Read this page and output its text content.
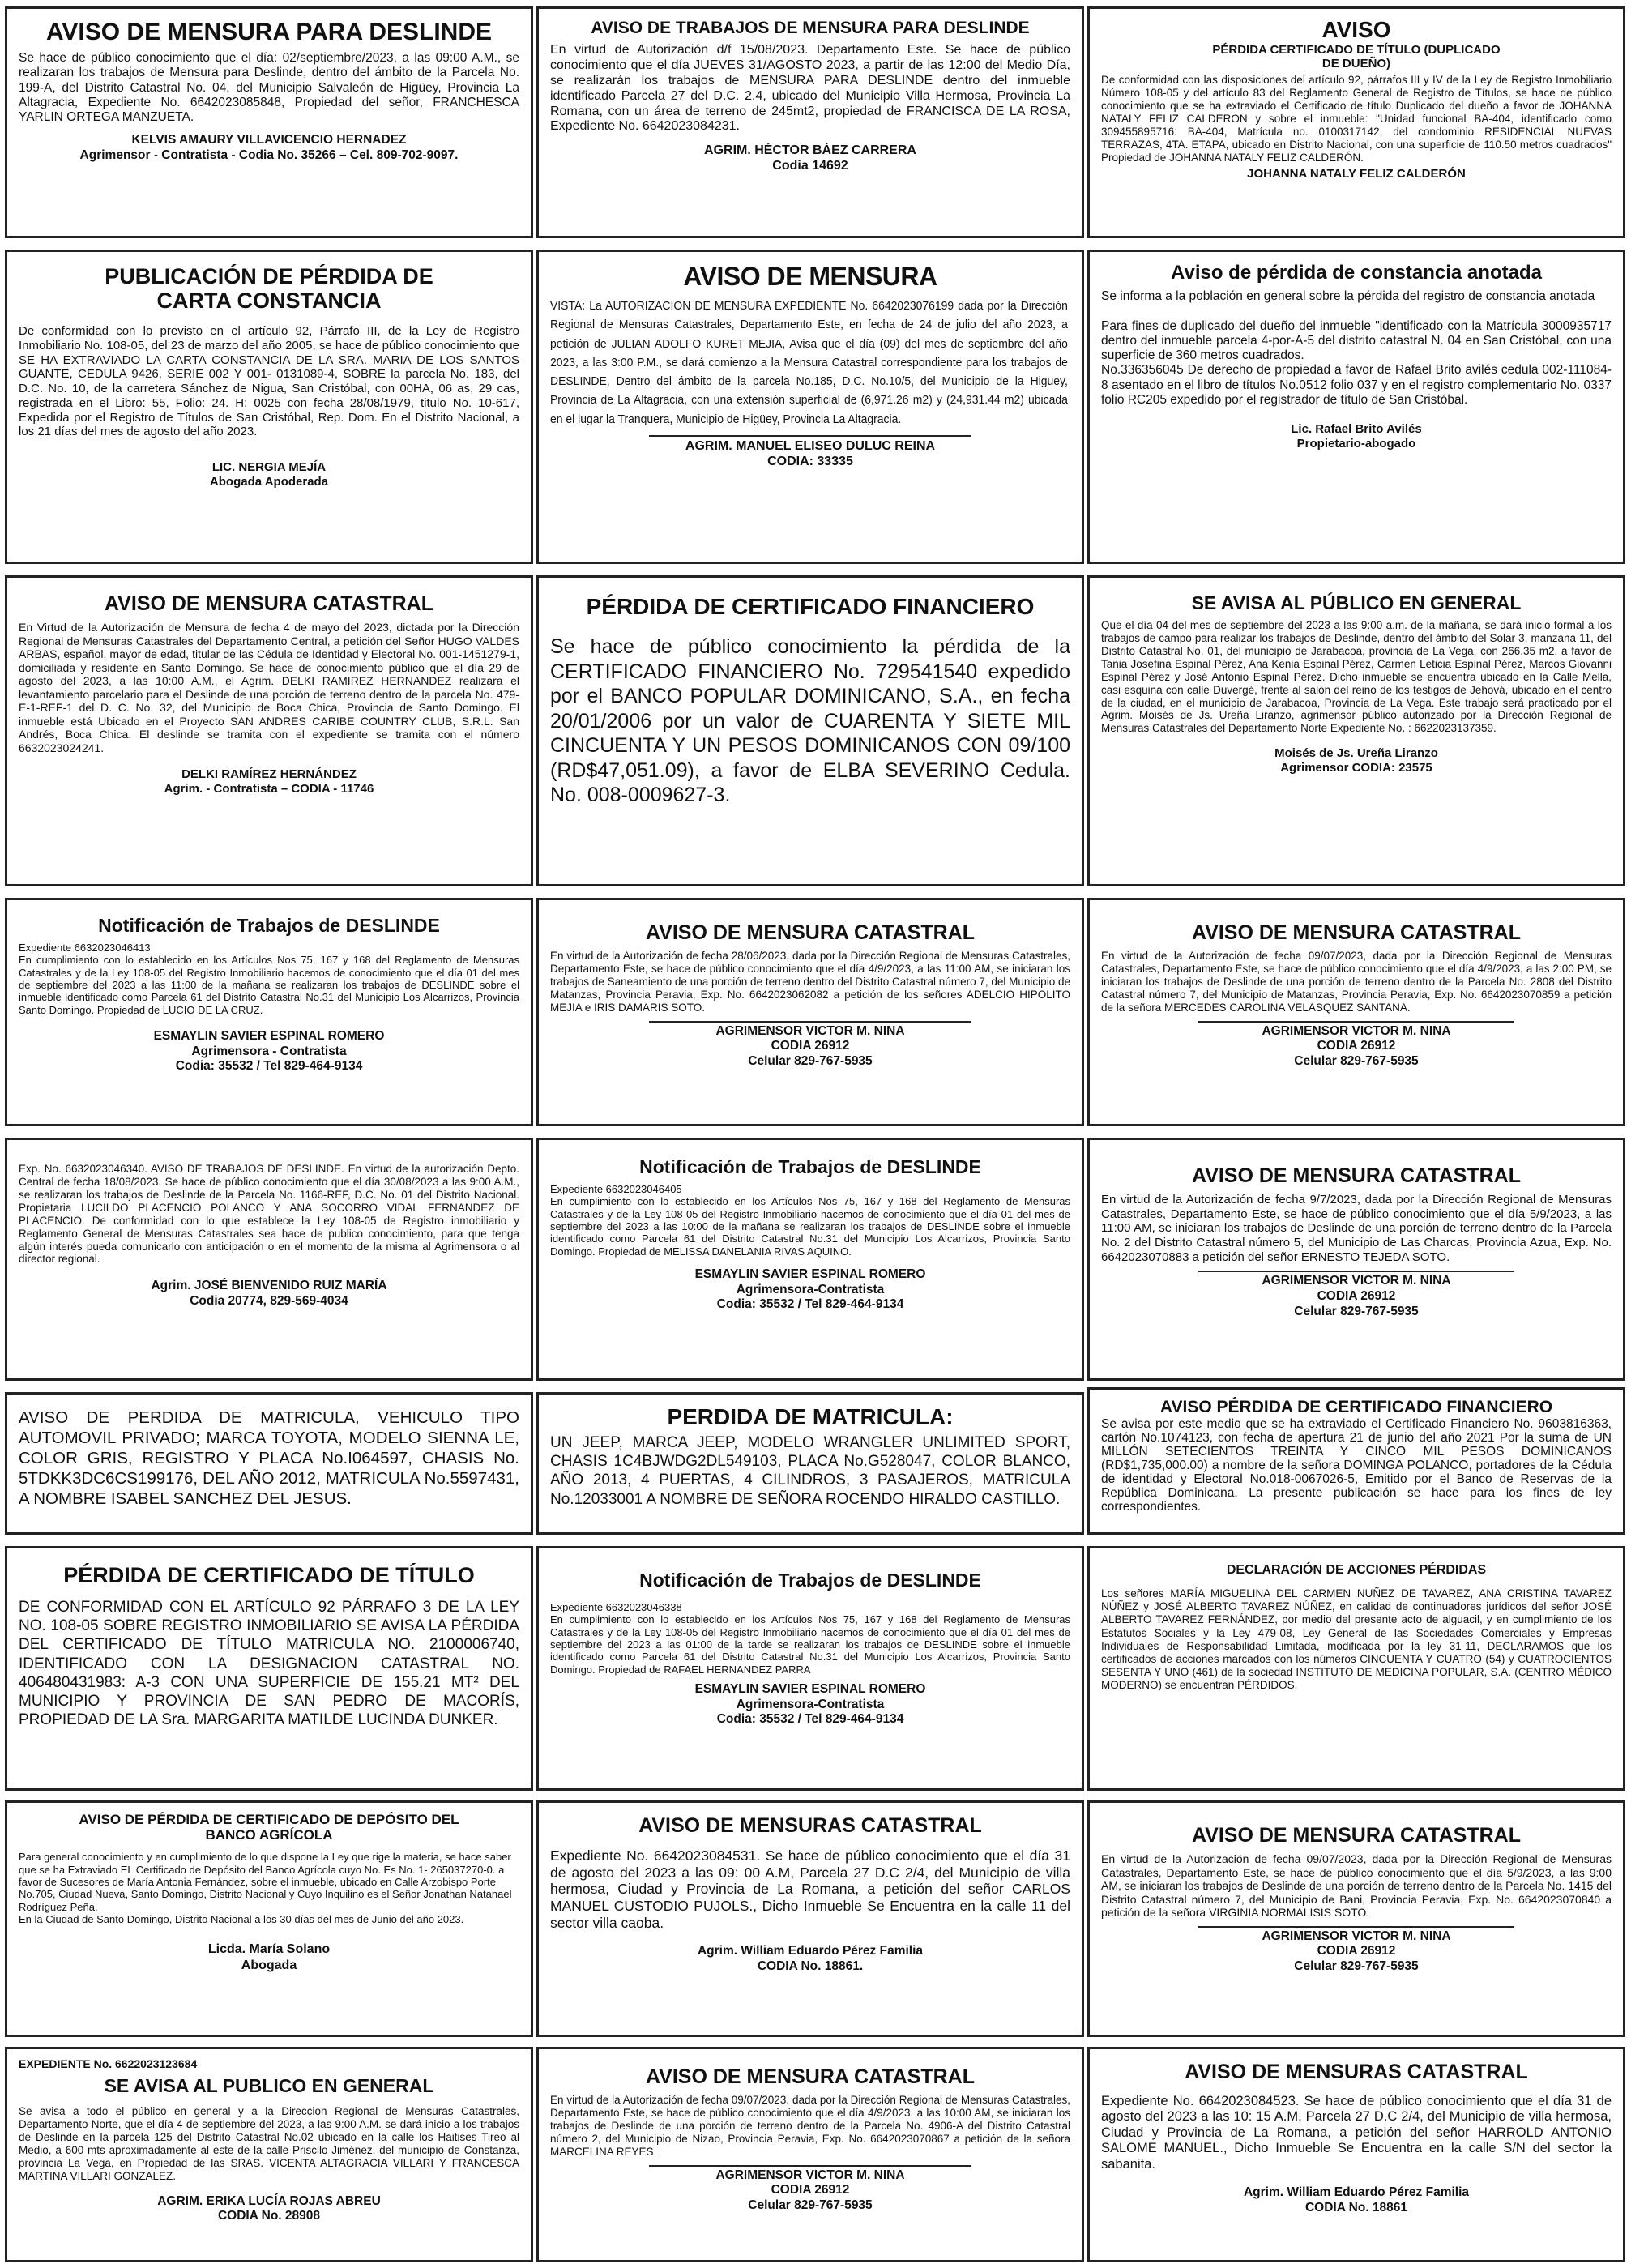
AVISO DE MENSURA PARA DESLINDE

Se hace de público conocimiento que el día: 02/septiembre/2023, a las 09:00 A.M., se realizaran los trabajos de Mensura para Deslinde, dentro del ámbito de la Parcela No. 199-A, del Distrito Catastral No. 04, del Municipio Salvaleón de Higüey, Provincia La Altagracia, Expediente No. 6642023085848, Propiedad del señor, FRANCHESCA YARLIN ORTEGA MANZUETA.

KELVIS AMAURY VILLAVICENCIO HERNADEZ
Agrimensor - Contratista - Codia No. 35266 – Cel. 809-702-9097.
AVISO DE TRABAJOS DE MENSURA PARA DESLINDE

En virtud de Autorización d/f 15/08/2023. Departamento Este. Se hace de público conocimiento que el día JUEVES 31/AGOSTO 2023, a partir de las 12:00 del Medio Día, se realizarán los trabajos de MENSURA PARA DESLINDE dentro del inmueble identificado Parcela 27 del D.C. 2.4, ubicado del Municipio Villa Hermosa, Provincia La Romana, con un área de terreno de 245mt2, propiedad de FRANCISCA DE LA ROSA, Expediente No. 6642023084231.

AGRIM. HÉCTOR BÁEZ CARRERA
Codia 14692
AVISO
PÉRDIDA CERTIFICADO DE TÍTULO (DUPLICADO DE DUEÑO)

De conformidad con las disposiciones del artículo 92, párrafos III y IV de la Ley de Registro Inmobiliario Número 108-05 y del artículo 83 del Reglamento General de Registro de Títulos, se hace de público conocimiento que se ha extraviado el Certificado de título Duplicado del dueño a favor de JOHANNA NATALY FELIZ CALDERON y sobre el inmueble: "Unidad funcional BA-404, identificado como 309455895716: BA-404, Matrícula no. 0100317142, del condominio RESIDENCIAL NUEVAS TERRAZAS, 4TA. ETAPA, ubicado en Distrito Nacional, con una superficie de 110.50 metros cuadrados" Propiedad de JOHANNA NATALY FELIZ CALDERÓN.

JOHANNA NATALY FELIZ CALDERÓN
PUBLICACIÓN DE PÉRDIDA DE CARTA CONSTANCIA

De conformidad con lo previsto en el artículo 92, Párrafo III, de la Ley de Registro Inmobiliario No. 108-05, del 23 de marzo del año 2005, se hace de público conocimiento que SE HA EXTRAVIADO LA CARTA CONSTANCIA DE LA SRA. MARIA DE LOS SANTOS GUANTE, CEDULA 9426, SERIE 002 Y 001- 0131089-4, SOBRE la parcela No. 183, del D.C. No. 10, de la carretera Sánchez de Nigua, San Cristóbal, con 00HA, 06 as, 29 cas, registrada en el Libro: 55, Folio: 24. H: 0025 con fecha 28/08/1979, titulo No. 10-617, Expedida por el Registro de Títulos de San Cristóbal, Rep. Dom. En el Distrito Nacional, a los 21 días del mes de agosto del año 2023.

LIC. NERGIA MEJÍA
Abogada Apoderada
AVISO DE MENSURA

VISTA: La AUTORIZACION DE MENSURA EXPEDIENTE No. 6642023076199 dada por la Dirección Regional de Mensuras Catastrales, Departamento Este, en fecha de 24 de julio del año 2023, a petición de JULIAN ADOLFO KURET MEJIA, Avisa que el día (09) del mes de septiembre del año 2023, a las 3:00 P.M., se dará comienzo a la Mensura Catastral correspondiente para los trabajos de DESLINDE, Dentro del ámbito de la parcela No.185, D.C. No.10/5, del Municipio de la Higuey, Provincia de La Altagracia, con una extensión superficial de (6,971.26 m2) y (24,931.44 m2) ubicada en el lugar la Tranquera, Municipio de Higüey, Provincia La Altagracia.

AGRIM. MANUEL ELISEO DULUC REINA
CODIA: 33335
Aviso de pérdida de constancia anotada

Se informa a la población en general sobre la pérdida del registro de constancia anotada

Para fines de duplicado del dueño del inmueble "identificado con la Matrícula 3000935717 dentro del inmueble parcela 4-por-A-5 del distrito catastral N. 04 en San Cristóbal, con una superficie de 360 metros cuadrados.
No.336356045 De derecho de propiedad a favor de Rafael Brito avilés cedula 002-111084-8 asentado en el libro de títulos No.0512 folio 037 y en el registro complementario No. 0337 folio RC205 expedido por el registrador de título de San Cristóbal.

Lic. Rafael Brito Avilés
Propietario-abogado
AVISO DE MENSURA CATASTRAL

En Virtud de la Autorización de Mensura de fecha 4 de mayo del 2023, dictada por la Dirección Regional de Mensuras Catastrales del Departamento Central, a petición del Señor HUGO VALDES ARBAS, español, mayor de edad, titular de las Cédula de Identidad y Electoral No. 001-1451279-1, domiciliada y residente en Santo Domingo. Se hace de conocimiento público que el día 29 de agosto del 2023, a las 10:00 A.M., el Agrim. DELKI RAMIREZ HERNANDEZ realizara el levantamiento parcelario para el Deslinde de una porción de terreno dentro de la parcela No. 479-E-1-REF-1 del D. C. No. 32, del Municipio de Boca Chica, Provincia de Santo Domingo. El inmueble está Ubicado en el Proyecto SAN ANDRES CARIBE COUNTRY CLUB, S.R.L. San Andrés, Boca Chica. El deslinde se tramita con el expediente se tramita con el número 6632023024241.

DELKI RAMÍREZ HERNÁNDEZ
Agrim. - Contratista – CODIA - 11746
PÉRDIDA DE CERTIFICADO FINANCIERO

Se hace de público conocimiento la pérdida de la CERTIFICADO FINANCIERO No. 729541540 expedido por el BANCO POPULAR DOMINICANO, S.A., en fecha 20/01/2006 por un valor de CUARENTA Y SIETE MIL CINCUENTA Y UN PESOS DOMINICANOS CON 09/100 (RD$47,051.09), a favor de ELBA SEVERINO Cedula. No. 008-0009627-3.

SE AVISA AL PÚBLICO EN GENERAL

Que el día 04 del mes de septiembre del 2023 a las 9:00 a.m. de la mañana, se dará inicio formal a los trabajos de campo para realizar los trabajos de Deslinde, dentro del ámbito del Solar 3, manzana 11, del Distrito Catastral No. 01, del municipio de Jarabacoa, provincia de La Vega, con 266.35 m2, a favor de Tania Josefina Espinal Pérez, Ana Kenia Espinal Pérez, Carmen Leticia Espinal Pérez, Marcos Giovanni Espinal Pérez y José Antonio Espinal Pérez. Dicho inmueble se encuentra ubicado en la Calle Mella, casi esquina con calle Duvergé, frente al salón del reino de los testigos de Jehová, ubicado en el centro de la ciudad, en el municipio de Jarabacoa, Provincia de La Vega. Este trabajo será practicado por el Agrim. Moisés de Js. Ureña Liranzo, agrimensor público autorizado por la Dirección Regional de Mensuras Catastrales del Departamento Norte Expediente No. : 6622023137359.

Moisés de Js. Ureña Liranzo
Agrimensor CODIA: 23575
Notificación de Trabajos de DESLINDE

Expediente 6632023046413
En cumplimiento con lo establecido en los Artículos Nos 75, 167 y 168 del Reglamento de Mensuras Catastrales y de la Ley 108-05 del Registro Inmobiliario hacemos de conocimiento que el día 01 del mes de septiembre del 2023 a las 11:00 de la mañana se realizaran los trabajos de DESLINDE sobre el inmueble identificado como Parcela 61 del Distrito Catastral No.31 del Municipio Los Alcarrizos, Provincia Santo Domingo. Propiedad de LUCIO DE LA CRUZ.

ESMAYLIN SAVIER ESPINAL ROMERO
Agrimensora - Contratista
Codia: 35532 / Tel 829-464-9134
AVISO DE MENSURA CATASTRAL

En virtud de la Autorización de fecha 28/06/2023, dada por la Dirección Regional de Mensuras Catastrales, Departamento Este, se hace de público conocimiento que el día 4/9/2023, a las 11:00 AM, se iniciaran los trabajos de Saneamiento de una porción de terreno dentro del Distrito Catastral número 7, del Municipio de Matanzas, Provincia Peravia, Exp. No. 6642023062082 a petición de los señores ADELCIO HIPOLITO MEJIA e IRIS DAMARIS SOTO.

AGRIMENSOR VICTOR M. NINA
CODIA 26912
Celular 829-767-5935
AVISO DE MENSURA CATASTRAL

En virtud de la Autorización de fecha 09/07/2023, dada por la Dirección Regional de Mensuras Catastrales, Departamento Este, se hace de público conocimiento que el día 4/9/2023, a las 2:00 PM, se iniciaran los trabajos de Deslinde de una porción de terreno dentro de la Parcela No. 2808 del Distrito Catastral número 7, del Municipio de Matanzas, Provincia Peravia, Exp. No. 6642023070859 a petición de la señora MERCEDES CAROLINA VELASQUEZ SANTANA.

AGRIMENSOR VICTOR M. NINA
CODIA 26912
Celular 829-767-5935

Exp. No. 6632023046340. AVISO DE TRABAJOS DE DESLINDE. En virtud de la autorización Depto. Central de fecha 18/08/2023. Se hace de público conocimiento que el día 30/08/2023 a las 9:00 A.M., se realizaran los trabajos de Deslinde de la Parcela No. 1166-REF, D.C. No. 01 del Distrito Nacional. Propietaria LUCILDO PLACENCIO POLANCO Y ANA SOCORRO VIDAL FERNANDEZ DE PLACENCIO. De conformidad con lo que establece la Ley 108-05 de Registro inmobiliario y Reglamento General de Mensuras Catastrales sea hace de publico conocimiento, para que tenga algún interés pueda comunicarlo con anticipación o en el momento de la misma al Agrimensora o al director regional.

Agrim. JOSÉ BIENVENIDO RUIZ MARÍA
Codia 20774, 829-569-4034
Notificación de Trabajos de DESLINDE

Expediente 6632023046405
En cumplimiento con lo establecido en los Artículos Nos 75, 167 y 168 del Reglamento de Mensuras Catastrales y de la Ley 108-05 del Registro Inmobiliario hacemos de conocimiento que el día 01 del mes de septiembre del 2023 a las 10:00 de la mañana se realizaran los trabajos de DESLINDE sobre el inmueble identificado como Parcela 61 del Distrito Catastral No.31 del Municipio Los Alcarrizos, Provincia Santo Domingo. Propiedad de MELISSA DANELANIA RIVAS AQUINO.

ESMAYLIN SAVIER ESPINAL ROMERO
Agrimensora-Contratista
Codia: 35532 / Tel 829-464-9134
AVISO DE MENSURA CATASTRAL

En virtud de la Autorización de fecha 9/7/2023, dada por la Dirección Regional de Mensuras Catastrales, Departamento Este, se hace de público conocimiento que el día 5/9/2023, a las 11:00 AM, se iniciaran los trabajos de Deslinde de una porción de terreno dentro de la Parcela No. 2 del Distrito Catastral número 5, del Municipio de Las Charcas, Provincia Azua, Exp. No. 6642023070883 a petición del señor ERNESTO TEJEDA SOTO.

AGRIMENSOR VICTOR M. NINA
CODIA 26912
Celular 829-767-5935

AVISO DE PERDIDA DE MATRICULA, VEHICULO TIPO AUTOMOVIL PRIVADO; MARCA TOYOTA, MODELO SIENNA LE, COLOR GRIS, REGISTRO Y PLACA No.I064597, CHASIS No. 5TDKK3DC6CS199176, DEL AÑO 2012, MATRICULA No.5597431, A NOMBRE ISABEL SANCHEZ DEL JESUS.

PERDIDA DE MATRICULA:

UN JEEP, MARCA JEEP, MODELO WRANGLER UNLIMITED SPORT, CHASIS 1C4BJWDG2DL549103, PLACA No.G528047, COLOR BLANCO, AÑO 2013, 4 PUERTAS, 4 CILINDROS, 3 PASAJEROS, MATRICULA No.12033001 A NOMBRE DE SEÑORA ROCENDO HIRALDO CASTILLO.

AVISO PÉRDIDA DE CERTIFICADO FINANCIERO

Se avisa por este medio que se ha extraviado el Certificado Financiero No. 9603816363, cartón No.1074123, con fecha de apertura 21 de junio del año 2021 Por la suma de UN MILLÓN SETECIENTOS TREINTA Y CINCO MIL PESOS DOMINICANOS (RD$1,735,000.00) a nombre de la señora DOMINGA POLANCO, portadores de la Cédula de identidad y Electoral No.018-0067026-5, Emitido por el Banco de Reservas de la República Dominicana. La presente publicación se hace para los fines de ley correspondientes.

PÉRDIDA DE CERTIFICADO DE TÍTULO

DE CONFORMIDAD CON EL ARTÍCULO 92 PÁRRAFO 3 DE LA LEY NO. 108-05 SOBRE REGISTRO INMOBILIARIO SE AVISA LA PÉRDIDA DEL CERTIFICADO DE TÍTULO MATRICULA NO. 2100006740, IDENTIFICADO CON LA DESIGNACION CATASTRAL NO. 406480431983: A-3 CON UNA SUPERFICIE DE 155.21 MT² DEL MUNICIPIO Y PROVINCIA DE SAN PEDRO DE MACORÍS, PROPIEDAD DE LA Sra. MARGARITA MATILDE LUCINDA DUNKER.

Notificación de Trabajos de DESLINDE

Expediente 6632023046338
En cumplimiento con lo establecido en los Artículos Nos 75, 167 y 168 del Reglamento de Mensuras Catastrales y de la Ley 108-05 del Registro Inmobiliario hacemos de conocimiento que el día 01 del mes de septiembre del 2023 a las 01:00 de la tarde se realizaran los trabajos de DESLINDE sobre el inmueble identificado como Parcela 61 del Distrito Catastral No.31 del Municipio Los Alcarrizos, Provincia Santo Domingo. Propiedad de RAFAEL HERNANDEZ PARRA

ESMAYLIN SAVIER ESPINAL ROMERO
Agrimensora-Contratista
Codia: 35532 / Tel 829-464-9134
DECLARACIÓN DE ACCIONES PÉRDIDAS

Los señores MARÍA MIGUELINA DEL CARMEN NUÑEZ DE TAVAREZ, ANA CRISTINA TAVAREZ NÚÑEZ y JOSÉ ALBERTO TAVAREZ NÚÑEZ, en calidad de continuadores jurídicos del señor JOSÉ ALBERTO TAVAREZ FERNÁNDEZ, por medio del presente acto de alguacil, y en cumplimiento de los Estatutos Sociales y la Ley 479-08, Ley General de las Sociedades Comerciales y Empresas Individuales de Responsabilidad Limitada, modificada por la ley 31-11, DECLARAMOS que los certificados de acciones marcados con los números CINCUENTA Y CUATRO (54) y CUATROCIENTOS SESENTA Y UNO (461) de la sociedad INSTITUTO DE MEDICINA POPULAR, S.A. (CENTRO MÉDICO MODERNO) se encuentran PÉRDIDOS.

AVISO DE PÉRDIDA DE CERTIFICADO DE DEPÓSITO DEL BANCO AGRÍCOLA

Para general conocimiento y en cumplimiento de lo que dispone la Ley que rige la materia, se hace saber que se ha Extraviado EL Certificado de Depósito del Banco Agrícola cuyo No. Es No. 1- 265037270-0. a favor de Sucesores de María Antonia Fernández, sobre el inmueble, ubicado en Calle Arzobispo Porte No.705, Ciudad Nueva, Santo Domingo, Distrito Nacional y Cuyo Inquilino es el Señor Jonathan Natanael Rodríguez Peña.
En la Ciudad de Santo Domingo, Distrito Nacional a los 30 días del mes de Junio del año 2023.

Licda. María Solano
Abogada
AVISO DE MENSURAS CATASTRAL

Expediente No. 6642023084531. Se hace de público conocimiento que el día 31 de agosto del 2023 a las 09: 00 A.M, Parcela 27 D.C 2/4, del Municipio de villa hermosa, Ciudad y Provincia de La Romana, a petición del señor CARLOS MANUEL CUSTODIO PUJOLS., Dicho Inmueble Se Encuentra en la calle 11 del sector villa caoba.

Agrim. William Eduardo Pérez Familia
CODIA No. 18861.
AVISO DE MENSURA CATASTRAL

En virtud de la Autorización de fecha 09/07/2023, dada por la Dirección Regional de Mensuras Catastrales, Departamento Este, se hace de público conocimiento que el día 5/9/2023, a las 9:00 AM, se iniciaran los trabajos de Deslinde de una porción de terreno dentro de la Parcela No. 1415 del Distrito Catastral número 7, del Municipio de Bani, Provincia Peravia, Exp. No. 6642023070840 a petición de la señora VIRGINIA NORMALISIS SOTO.

AGRIMENSOR VICTOR M. NINA
CODIA 26912
Celular 829-767-5935
EXPEDIENTE No. 6622023123684
SE AVISA AL PUBLICO EN GENERAL

Se avisa a todo el público en general y a la Direccion Regional de Mensuras Catastrales, Departamento Norte, que el día 4 de septiembre del 2023, a las 9:00 A.M. se dará inicio a los trabajos de Deslinde en la parcela 125 del Distrito Catastral No.02 ubicado en la calle los Haitises Tireo al Medio, a 600 mts aproximadamente al este de la calle Priscilo Jiménez, del municipio de Constanza, provincia La Vega, en Propiedad de las SRAS. VICENTA ALTAGRACIA VILLARI Y FRANCESCA MARTINA VILLARI GONZALEZ.

AGRIM. ERIKA LUCÍA ROJAS ABREU
CODIA No. 28908
AVISO DE MENSURA CATASTRAL

En virtud de la Autorización de fecha 09/07/2023, dada por la Dirección Regional de Mensuras Catastrales, Departamento Este, se hace de público conocimiento que el día 4/9/2023, a las 10:00 AM, se iniciaran los trabajos de Deslinde de una porción de terreno dentro de la Parcela No. 4906-A del Distrito Catastral número 2, del Municipio de Nizao, Provincia Peravia, Exp. No. 6642023070867 a petición de la señora MARCELINA REYES.

AGRIMENSOR VICTOR M. NINA
CODIA 26912
Celular 829-767-5935
AVISO DE MENSURAS CATASTRAL

Expediente No. 6642023084523. Se hace de público conocimiento que el día 31 de agosto del 2023 a las 10: 15 A.M, Parcela 27 D.C 2/4, del Municipio de villa hermosa, Ciudad y Provincia de La Romana, a petición del señor HARROLD ANTONIO SALOME MANUEL., Dicho Inmueble Se Encuentra en la calle S/N del sector la sabanita.

Agrim. William Eduardo Pérez Familia
CODIA No. 18861
